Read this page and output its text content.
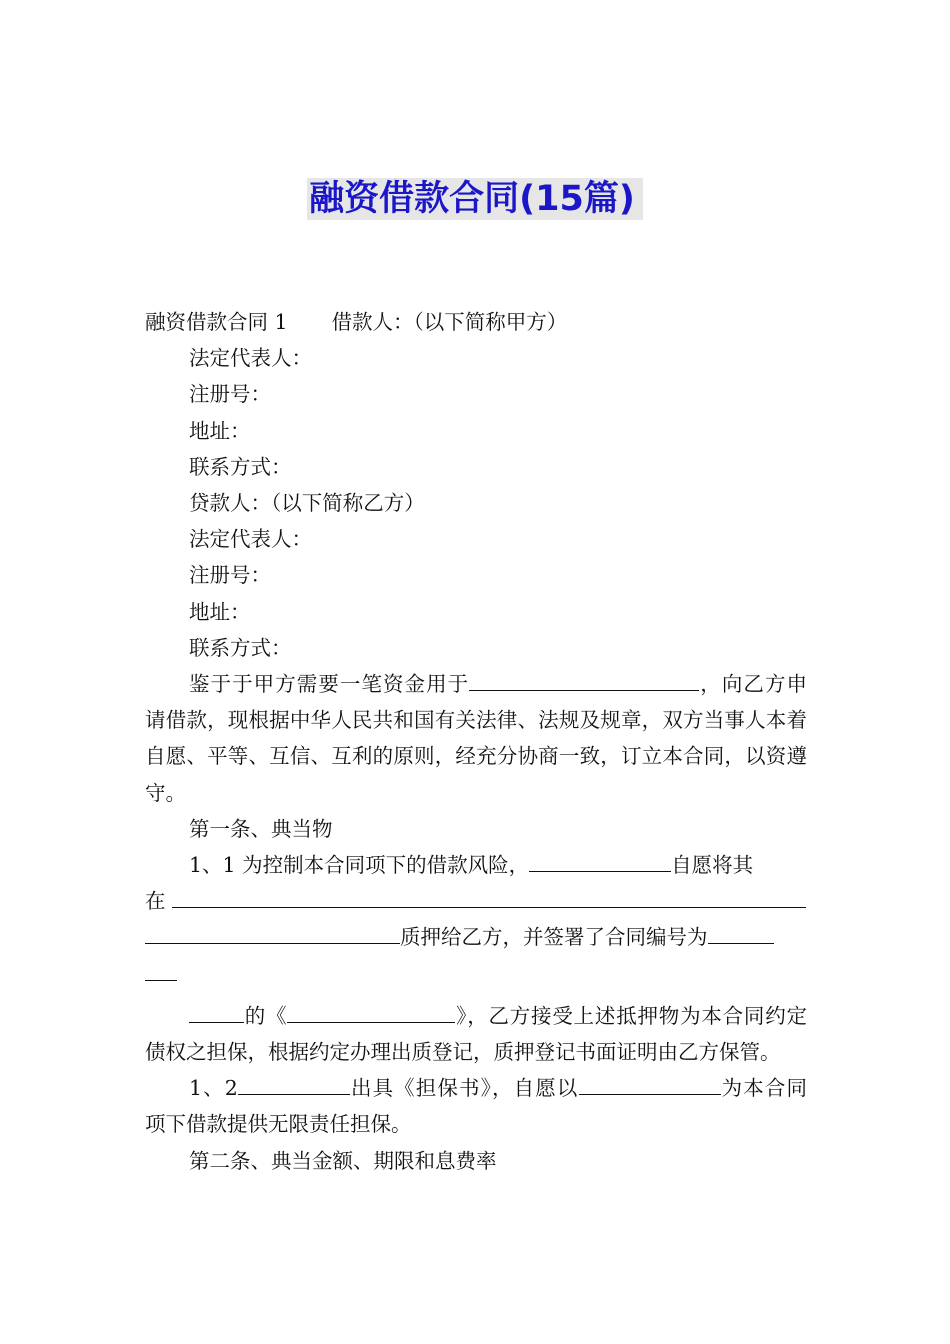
融资借款合同(15篇)
融资借款合同 1 借款人：（以下简称甲方）
法定代表人：
注册号：
地址：
联系方式：
贷款人：（以下简称乙方）
法定代表人：
注册号：
地址：
联系方式：
鉴于于甲方需要一笔资金用于	，向乙方申请借款，现根据中华人民共和国有关法律、法规及规章，双方当事人本着自愿、平等、互信、互利的原则，经充分协商一致，订立本合同，以资遵守。
第一条、典当物
1、1 为控制本合同项下的借款风险，	自愿将其
在
质押给乙方，并签署了合同编号为
的《	》，乙方接受上述抵押物为本合同约定债权之担保，根据约定办理出质登记，质押登记书面证明由乙方保管。
1、2	出具《担保书》，自愿以	为本合同项下借款提供无限责任担保。
第二条、典当金额、期限和息费率
